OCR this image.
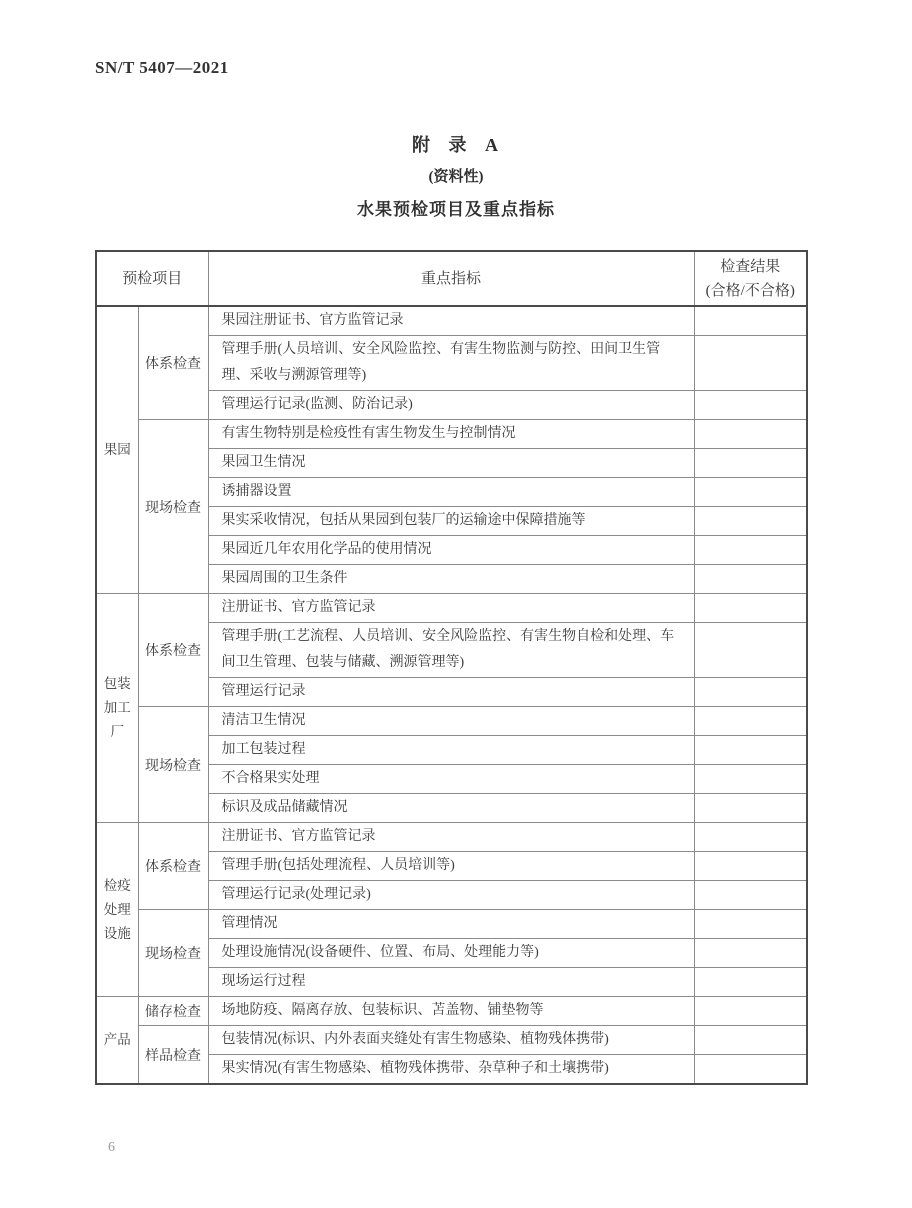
SN/T 5407—2021
附 录 A
(资料性)
水果预检项目及重点指标
预检项目		重点指标	检查结果
(合格/不合格)

果园	体系检查	果园注册证书、官方监管记录	
		管理手册(人员培训、安全风险监控、有害生物监测与防控、田间卫生管理、采收与溯源管理等)	
		管理运行记录(监测、防治记录)	
	现场检查	有害生物特别是检疫性有害生物发生与控制情况	
		果园卫生情况	
		诱捕器设置	
		果实采收情况，包括从果园到包装厂的运输途中保障措施等	
		果园近几年农用化学品的使用情况	
		果园周围的卫生条件	
包装加工厂	体系检查	注册证书、官方监管记录	
		管理手册(工艺流程、人员培训、安全风险监控、有害生物自检和处理、车间卫生管理、包装与储藏、溯源管理等)	
		管理运行记录	
	现场检查	清洁卫生情况	
		加工包装过程	
		不合格果实处理	
		标识及成品储藏情况	
检疫处理设施	体系检查	注册证书、官方监管记录	
		管理手册(包括处理流程、人员培训等)	
		管理运行记录(处理记录)	
	现场检查	管理情况	
		处理设施情况(设备硬件、位置、布局、处理能力等)	
		现场运行过程	
产品	储存检查	场地防疫、隔离存放、包装标识、苫盖物、铺垫物等	
	样品检查	包装情况(标识、内外表面夹缝处有害生物感染、植物残体携带)	
		果实情况(有害生物感染、植物残体携带、杂草种子和土壤携带)	
6
